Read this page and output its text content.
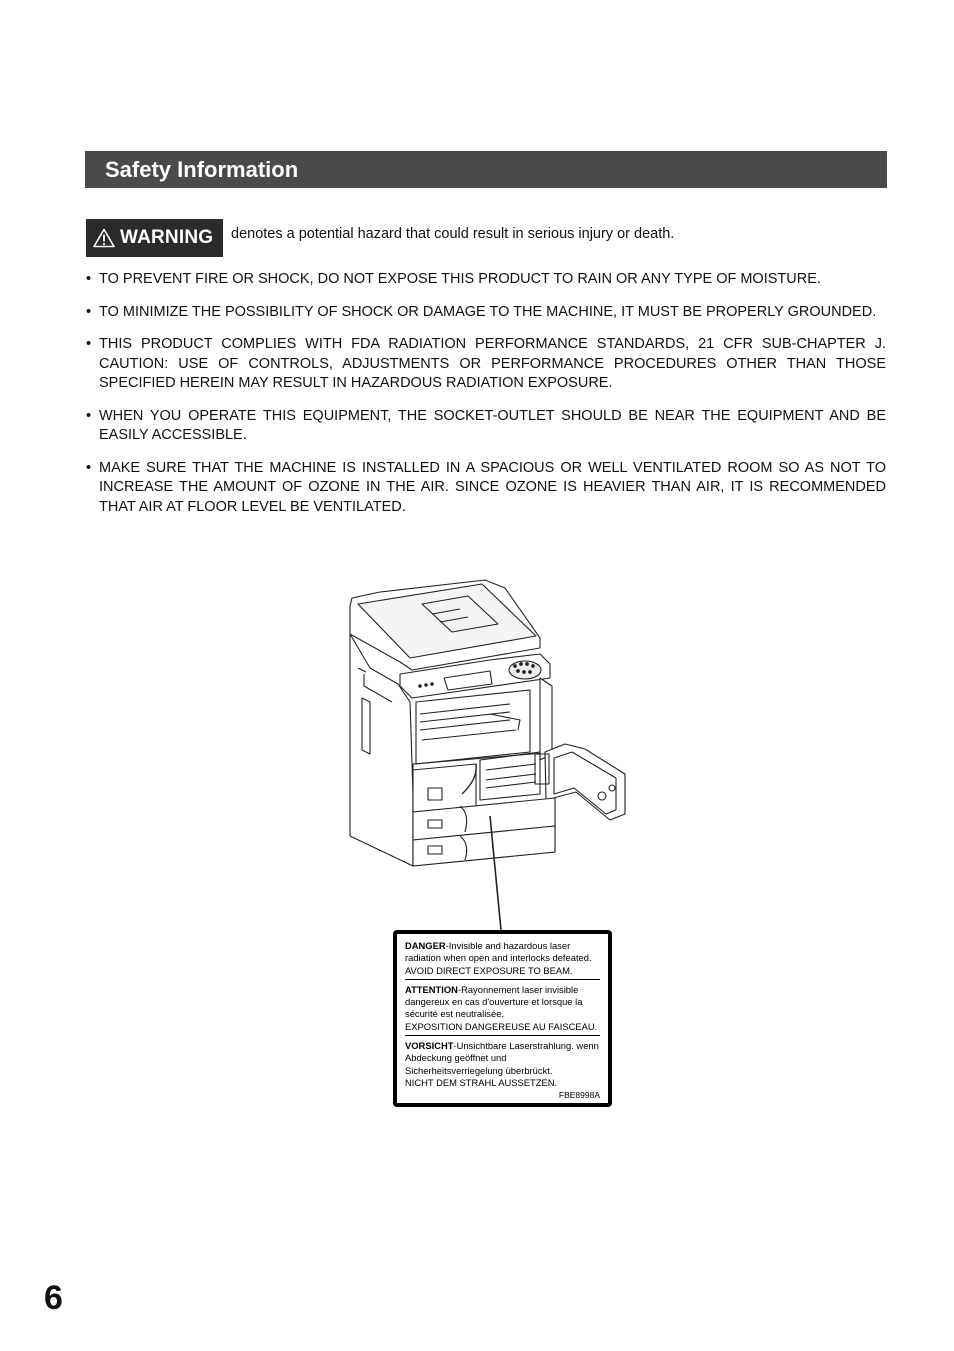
Safety Information
WARNING denotes a potential hazard that could result in serious injury or death.
• TO PREVENT FIRE OR SHOCK, DO NOT EXPOSE THIS PRODUCT TO RAIN OR ANY TYPE OF MOISTURE.
• TO MINIMIZE THE POSSIBILITY OF SHOCK OR DAMAGE TO THE MACHINE, IT MUST BE PROPERLY GROUNDED.
• THIS PRODUCT COMPLIES WITH FDA RADIATION PERFORMANCE STANDARDS, 21 CFR SUB-CHAPTER J. CAUTION: USE OF CONTROLS, ADJUSTMENTS OR PERFORMANCE PROCEDURES OTHER THAN THOSE SPECIFIED HEREIN MAY RESULT IN HAZARDOUS RADIATION EXPOSURE.
• WHEN YOU OPERATE THIS EQUIPMENT, THE SOCKET-OUTLET SHOULD BE NEAR THE EQUIPMENT AND BE EASILY ACCESSIBLE.
• MAKE SURE THAT THE MACHINE IS INSTALLED IN A SPACIOUS OR WELL VENTILATED ROOM SO AS NOT TO INCREASE THE AMOUNT OF OZONE IN THE AIR. SINCE OZONE IS HEAVIER THAN AIR, IT IS RECOMMENDED THAT AIR AT FLOOR LEVEL BE VENTILATED.
DANGER-Invisible and hazardous laser radiation when open and interlocks defeated.
AVOID DIRECT EXPOSURE TO BEAM.
ATTENTION-Rayonnement laser invisible dangereux en cas d'ouverture et lorsque la sécurité est neutralisée.
EXPOSITION DANGEREUSE AU FAISCEAU.
VORSICHT-Unsichtbare Laserstrahlung. wenn Abdeckung geöffnet und Sicherheitsverriegelung überbrückt.
NICHT DEM STRAHL AUSSETZEN.
FBE8998A
6
